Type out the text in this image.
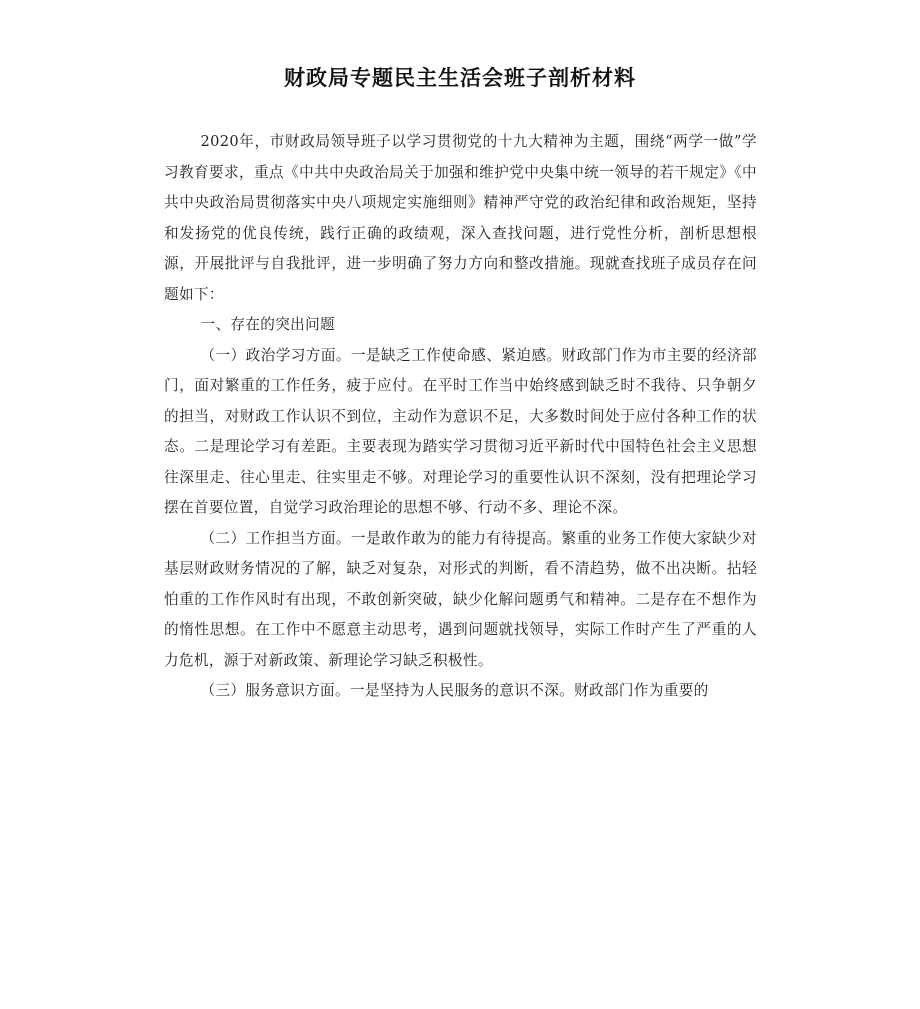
财政局专题民主生活会班子剖析材料

2020年，市财政局领导班子以学习贯彻党的十九大精神为主题，围绕“两学一做”学习教育要求，重点《中共中央政治局关于加强和维护党中央集中统一领导的若干规定》《中共中央政治局贯彻落实中央八项规定实施细则》精神严守党的政治纪律和政治规矩，坚持和发扬党的优良传统，践行正确的政绩观，深入查找问题，进行党性分析，剖析思想根源，开展批评与自我批评，进一步明确了努力方向和整改措施。现就查找班子成员存在问题如下：

一、存在的突出问题

（一）政治学习方面。一是缺乏工作使命感、紧迫感。财政部门作为市主要的经济部门，面对繁重的工作任务，疲于应付。在平时工作当中始终感到缺乏时不我待、只争朝夕的担当，对财政工作认识不到位，主动作为意识不足，大多数时间处于应付各种工作的状态。二是理论学习有差距。主要表现为踏实学习贯彻习近平新时代中国特色社会主义思想往深里走、往心里走、往实里走不够。对理论学习的重要性认识不深刻，没有把理论学习摆在首要位置，自觉学习政治理论的思想不够、行动不多、理论不深。

（二）工作担当方面。一是敢作敢为的能力有待提高。繁重的业务工作使大家缺少对基层财政财务情况的了解，缺乏对复杂，对形式的判断，看不清趋势，做不出决断。拈轻怕重的工作作风时有出现，不敢创新突破，缺少化解问题勇气和精神。二是存在不想作为的惰性思想。在工作中不愿意主动思考，遇到问题就找领导，实际工作时产生了严重的人力危机，源于对新政策、新理论学习缺乏积极性。

（三）服务意识方面。一是坚持为人民服务的意识不深。财政部门作为重要的
